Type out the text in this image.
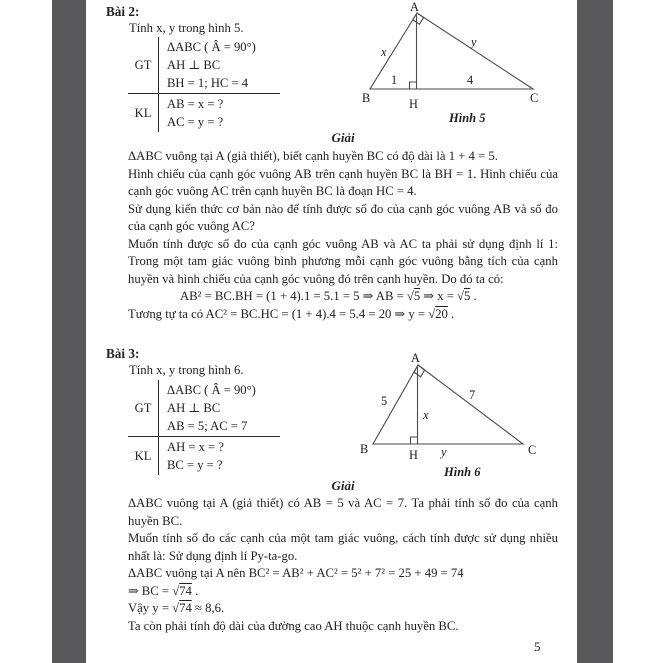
Bài 2:
Tính x, y trong hình 5.
GT
ΔABC ( Â = 90°)
AH ⊥ BC
BH = 1; HC = 4
KL
AB = x = ?
AC = y = ?
A
B	C
H
x
y
1	4
Hình 5
Giải

ΔABC vuông tại A (giả thiết), biết cạnh huyền BC có độ dài là 1 + 4 = 5.

Hình chiếu của cạnh góc vuông AB trên cạnh huyền BC là BH = 1. Hình chiếu của cạnh góc vuông AC trên cạnh huyền BC là đoạn HC = 4.

Sử dụng kiến thức cơ bản nào để tính được số đo của cạnh góc vuông AB và số đo của cạnh góc vuông AC?

Muốn tính được số đo của cạnh góc vuông AB và AC ta phải sử dụng định lí 1: Trong một tam giác vuông bình phương mỗi cạnh góc vuông bằng tích của cạnh huyền và hình chiếu của cạnh góc vuông đó trên cạnh huyền. Do đó ta có:

AB² = BC.BH = (1 + 4).1 = 5.1 = 5 ⇒ AB = √5 ⇒ x = √5 .

Tương tự ta có AC² = BC.HC = (1 + 4).4 = 5.4 = 20 ⇒ y = √20 .

Bài 3:
Tính x, y trong hình 6.
GT
ΔABC ( Â = 90°)
AH ⊥ BC
AB = 5; AC = 7
KL
AH = x = ?
BC = y = ?
A
B	C
H
5	7
x
y
Hình 6
Giải

ΔABC vuông tại A (giả thiết) có AB = 5 và AC = 7. Ta phải tính số đo của cạnh huyền BC.

Muốn tính số đo các cạnh của một tam giác vuông, cách tính được sử dụng nhiều nhất là: Sử dụng định lí Py-ta-go.

ΔABC vuông tại A nên BC² = AB² + AC² = 5² + 7² = 25 + 49 = 74

⇒ BC = √74 .

Vậy y = √74 ≈ 8,6.

Ta còn phải tính độ dài của đường cao AH thuộc cạnh huyền BC.

5
